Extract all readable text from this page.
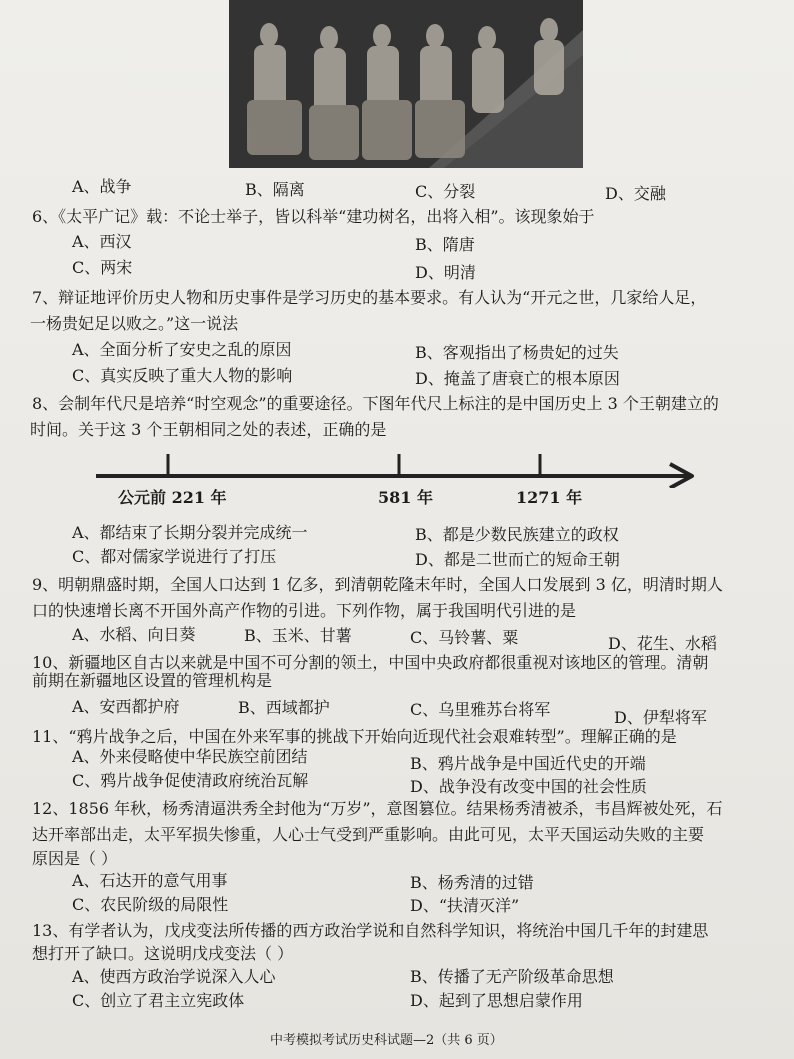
A、战争	B、隔离	C、分裂	D、交融
6、《太平广记》载：不论士举子，皆以科举“建功树名，出将入相”。该现象始于
A、西汉	B、隋唐
C、两宋	D、明清
7、辩证地评价历史人物和历史事件是学习历史的基本要求。有人认为“开元之世，几家给人足，
一杨贵妃足以败之。”这一说法
A、全面分析了安史之乱的原因	B、客观指出了杨贵妃的过失
C、真实反映了重大人物的影响	D、掩盖了唐衰亡的根本原因
8、会制年代尺是培养“时空观念”的重要途径。下图年代尺上标注的是中国历史上 3 个王朝建立的
时间。关于这 3 个王朝相同之处的表述，正确的是
公元前 221 年	581 年	1271 年
A、都结束了长期分裂并完成统一	B、都是少数民族建立的政权
C、都对儒家学说进行了打压	D、都是二世而亡的短命王朝
9、明朝鼎盛时期，全国人口达到 1 亿多，到清朝乾隆末年时，全国人口发展到 3 亿，明清时期人
口的快速增长离不开国外高产作物的引进。下列作物，属于我国明代引进的是
A、水稻、向日葵	B、玉米、甘薯	C、马铃薯、粟	D、花生、水稻
10、新疆地区自古以来就是中国不可分割的领土，中国中央政府都很重视对该地区的管理。清朝
前期在新疆地区设置的管理机构是
A、安西都护府	B、西域都护	C、乌里雅苏台将军	D、伊犁将军
11、“鸦片战争之后，中国在外来军事的挑战下开始向近现代社会艰难转型”。理解正确的是
A、外来侵略使中华民族空前团结	B、鸦片战争是中国近代史的开端
C、鸦片战争促使清政府统治瓦解	D、战争没有改变中国的社会性质
12、1856 年秋，杨秀清逼洪秀全封他为“万岁”，意图篡位。结果杨秀清被杀，韦昌辉被处死，石
达开率部出走，太平军损失惨重，人心士气受到严重影响。由此可见，太平天国运动失败的主要
原因是（ ）
A、石达开的意气用事	B、杨秀清的过错
C、农民阶级的局限性	D、“扶清灭洋”
13、有学者认为，戊戌变法所传播的西方政治学说和自然科学知识，将统治中国几千年的封建思
想打开了缺口。这说明戊戌变法（ ）
A、使西方政治学说深入人心	B、传播了无产阶级革命思想
C、创立了君主立宪政体	D、起到了思想启蒙作用
中考模拟考试历史科试题—2（共 6 页）
